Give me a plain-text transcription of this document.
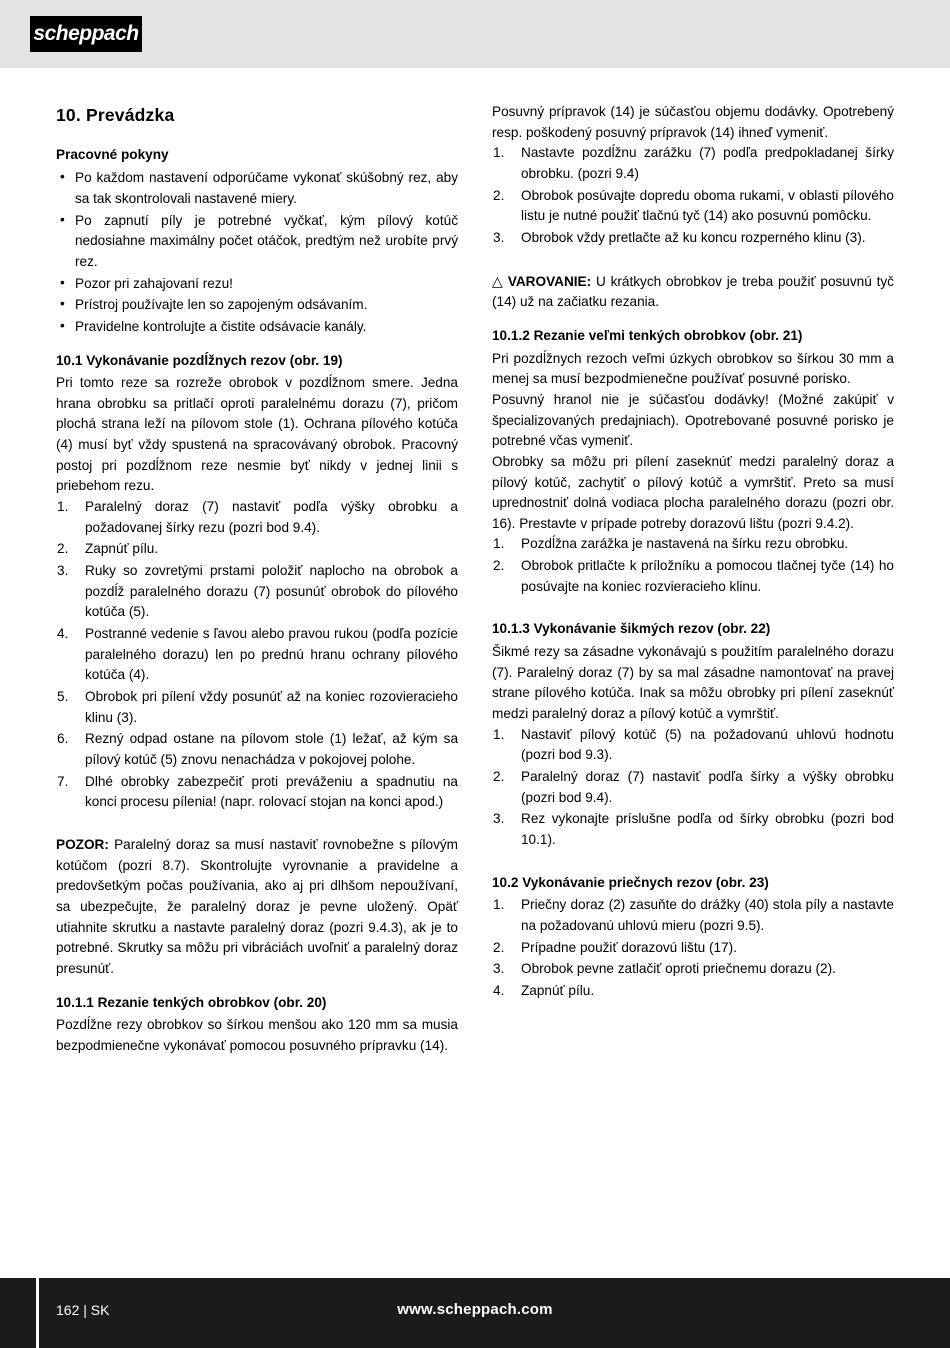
scheppach
10. Prevádzka
Pracovné pokyny
• Po každom nastavení odporúčame vykonať skúšobný rez, aby sa tak skontrolovali nastavené miery.
• Po zapnutí píly je potrebné vyčkať, kým pílový kotúč nedosiahne maximálny počet otáčok, predtým než urobíte prvý rez.
• Pozor pri zahajovaní rezu!
• Prístroj používajte len so zapojeným odsávaním.
• Pravidelne kontrolujte a čistite odsávacie kanály.
10.1 Vykonávanie pozdĺžnych rezov (obr. 19)

Pri tomto reze sa rozreže obrobok v pozdĺžnom smere. Jedna hrana obrobku sa pritlačí oproti paralelnému dorazu (7), pričom plochá strana leží na pílovom stole (1). Ochrana pílového kotúča (4) musí byť vždy spustená na spracovávaný obrobok. Pracovný postoj pri pozdĺžnom reze nesmie byť nikdy v jednej linii s priebehom rezu.

Paralelný doraz (7) nastaviť podľa výšky obrobku a požadovanej šírky rezu (pozri bod 9.4).
Zapnúť pílu.
Ruky so zovretými prstami položiť naplocho na obrobok a pozdĺž paralelného dorazu (7) posunúť obrobok do pílového kotúča (5).
Postranné vedenie s ľavou alebo pravou rukou (podľa pozície paralelného dorazu) len po prednú hranu ochrany pílového kotúča (4).
Obrobok pri pílení vždy posunúť až na koniec rozovieracieho klinu (3).
Rezný odpad ostane na pílovom stole (1) ležať, až kým sa pílový kotúč (5) znovu nenachádza v pokojovej polohe.
Dlhé obrobky zabezpečiť proti preváženiu a spadnutiu na konci procesu pílenia! (napr. rolovací stojan na konci apod.)

POZOR: Paralelný doraz sa musí nastaviť rovnobežne s pílovým kotúčom (pozri 8.7). Skontrolujte vyrovnanie a pravidelne a predovšetkým počas používania, ako aj pri dlhšom nepoužívaní, sa ubezpečujte, že paralelný doraz je pevne uložený. Opäť utiahnite skrutku a nastavte paralelný doraz (pozri 9.4.3), ak je to potrebné. Skrutky sa môžu pri vibráciách uvoľniť a paralelný doraz presunúť.

10.1.1 Rezanie tenkých obrobkov (obr. 20)

Pozdĺžne rezy obrobkov so šírkou menšou ako 120 mm sa musia bezpodmienečne vykonávať pomocou posuvného prípravku (14).

Posuvný prípravok (14) je súčasťou objemu dodávky. Opotrebený resp. poškodený posuvný prípravok (14) ihneď vymeniť.

Nastavte pozdĺžnu zarážku (7) podľa predpokladanej šírky obrobku. (pozri 9.4)
Obrobok posúvajte dopredu oboma rukami, v oblasti pílového listu je nutné použiť tlačnú tyč (14) ako posuvnú pomôcku.
Obrobok vždy pretlačte až ku koncu rozperného klinu (3).

△ VAROVANIE: U krátkych obrobkov je treba použiť posuvnú tyč (14) už na začiatku rezania.

10.1.2 Rezanie veľmi tenkých obrobkov (obr. 21)

Pri pozdĺžnych rezoch veľmi úzkych obrobkov so šírkou 30 mm a menej sa musí bezpodmienečne používať posuvné porisko.

Posuvný hranol nie je súčasťou dodávky! (Možné zakúpiť v špecializovaných predajniach). Opotrebované posuvné porisko je potrebné včas vymeniť.

Obrobky sa môžu pri pílení zaseknúť medzi paralelný doraz a pílový kotúč, zachytiť o pílový kotúč a vymrštiť. Preto sa musí uprednostniť dolná vodiaca plocha paralelného dorazu (pozri obr. 16). Prestavte v prípade potreby dorazovú lištu (pozri 9.4.2).

Pozdĺžna zarážka je nastavená na šírku rezu obrobku.
Obrobok pritlačte k príložníku a pomocou tlačnej tyče (14) ho posúvajte na koniec rozvieracieho klinu.
10.1.3 Vykonávanie šikmých rezov (obr. 22)

Šikmé rezy sa zásadne vykonávajú s použitím paralelného dorazu (7). Paralelný doraz (7) by sa mal zásadne namontovať na pravej strane pílového kotúča. Inak sa môžu obrobky pri pílení zaseknúť medzi paralelný doraz a pílový kotúč a vymrštiť.

Nastaviť pílový kotúč (5) na požadovanú uhlovú hodnotu (pozri bod 9.3).
Paralelný doraz (7) nastaviť podľa šírky a výšky obrobku (pozri bod 9.4).
Rez vykonajte príslušne podľa od šírky obrobku (pozri bod 10.1).
10.2 Vykonávanie priečnych rezov (obr. 23)
Priečny doraz (2) zasuňte do drážky (40) stola píly a nastavte na požadovanú uhlovú mieru (pozri 9.5).
Prípadne použiť dorazovú lištu (17).
Obrobok pevne zatlačiť oproti priečnemu dorazu (2).
Zapnúť pílu.
162 | SK	www.scheppach.com
